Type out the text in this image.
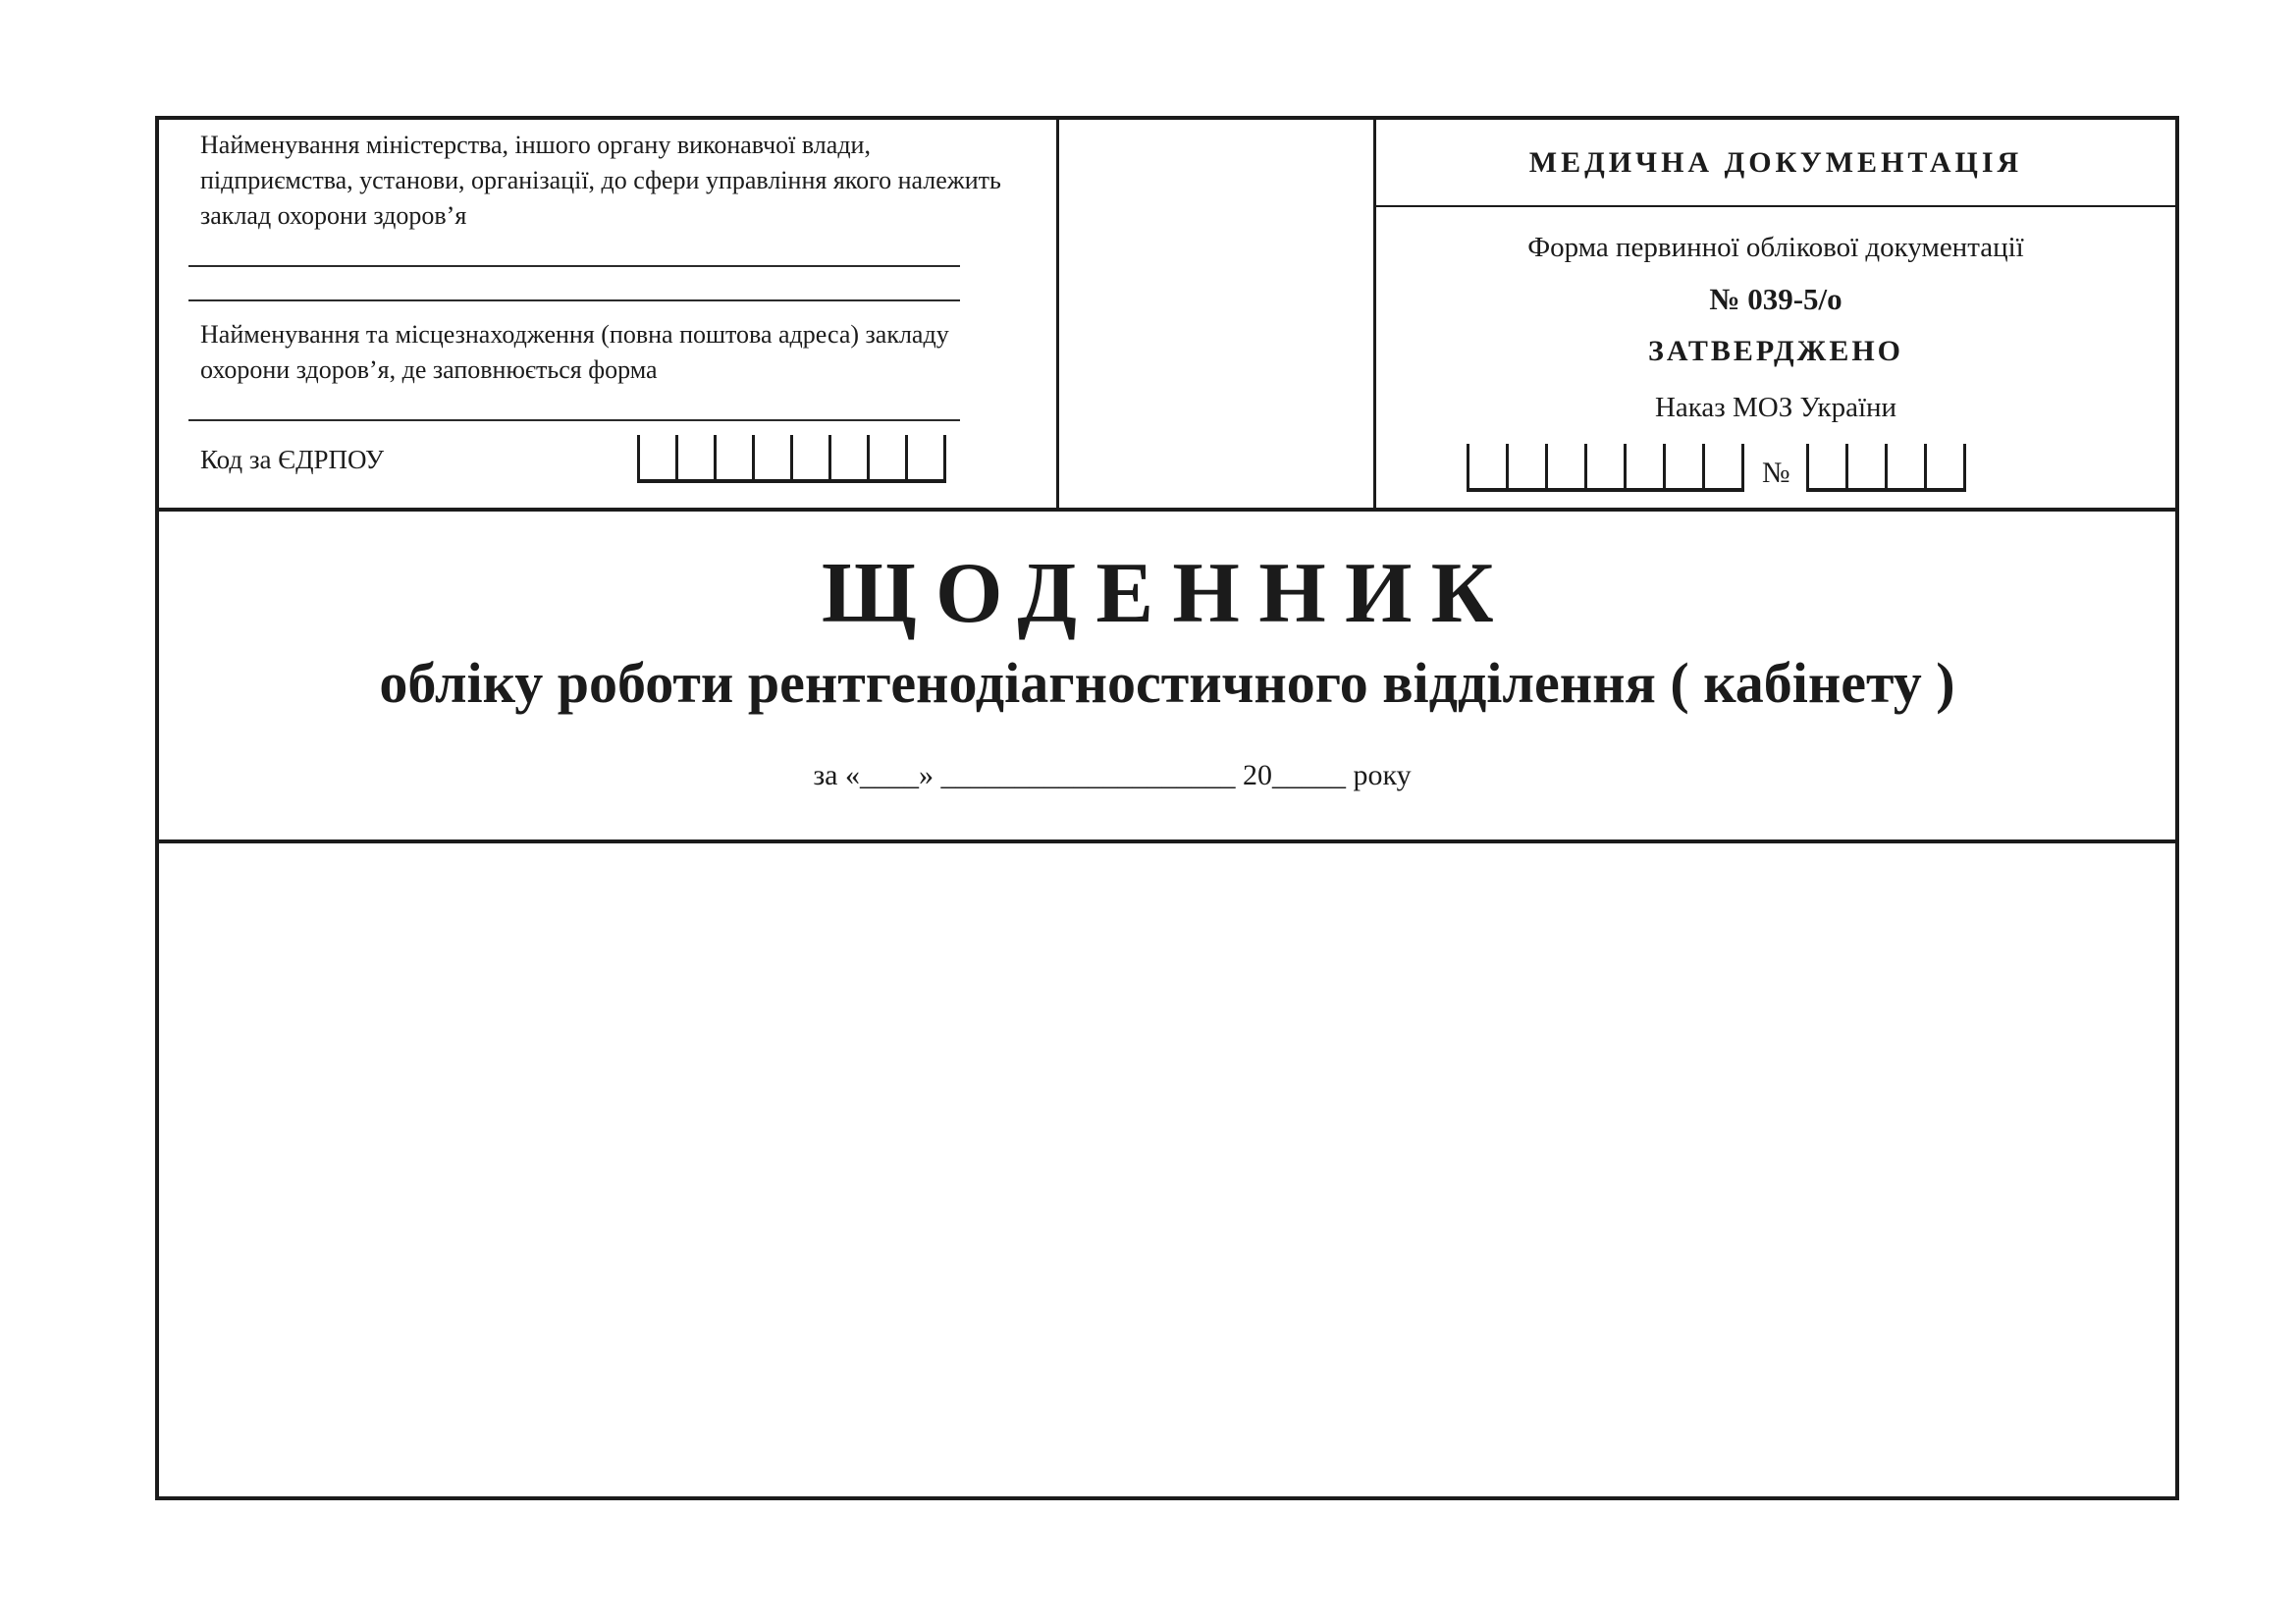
Найменування міністерства, іншого органу виконавчої влади,
підприємства, установи, організації, до сфери управління якого належить
заклад охорони здоров’я
Найменування та місцезнаходження (повна поштова адреса) закладу
охорони здоров’я, де заповнюється форма
Код за ЄДРПОУ
МЕДИЧНА ДОКУМЕНТАЦІЯ
Форма первинної облікової документації
№ 039-5/о
ЗАТВЕРДЖЕНО
Наказ МОЗ України
№
ЩОДЕННИК
обліку роботи рентгенодіагностичного відділення ( кабінету )
за «____» ____________________ 20_____ року
